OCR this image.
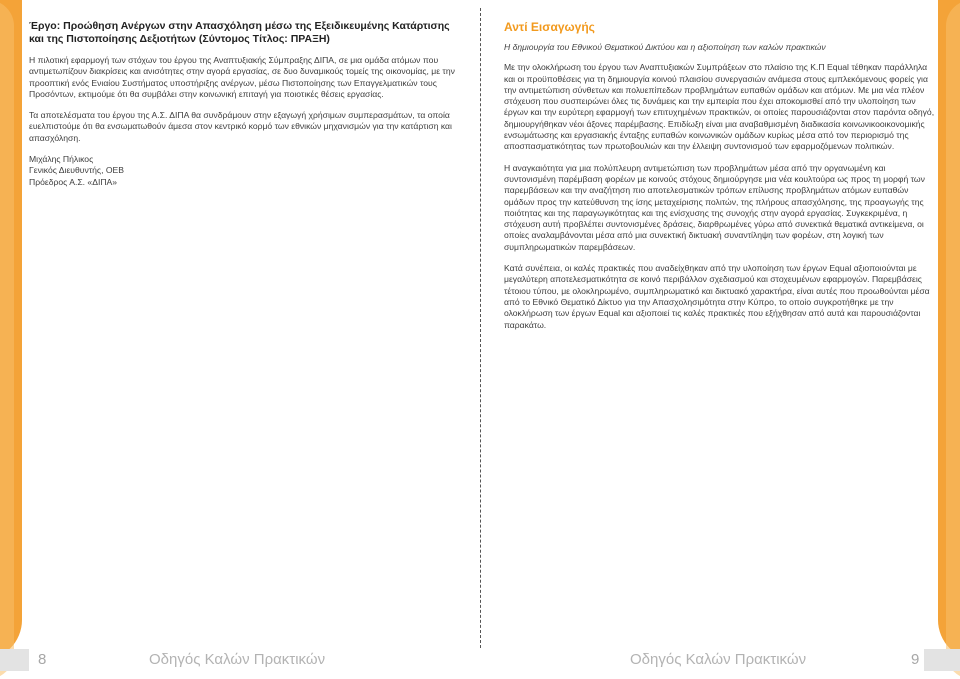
Έργο: Προώθηση Ανέργων στην Απασχόληση μέσω της Εξειδικευμένης Κατάρτισης και της Πιστοποίησης Δεξιοτήτων (Σύντομος Τίτλος: ΠΡΑΞΗ)

Η πιλοτική εφαρμογή των στόχων του έργου της Αναπτυξιακής Σύμπραξης ΔΙΠΑ, σε μια ομάδα ατόμων που αντιμετωπίζουν διακρίσεις και ανισότητες στην αγορά εργασίας, σε δυο δυναμικούς τομείς της οικονομίας, με την προοπτική ενός Ενιαίου Συστήματος υποστήριξης ανέργων, μέσω Πιστοποίησης των Επαγγελματικών τους Προσόντων, εκτιμούμε ότι θα συμβάλει στην κοινωνική επιταγή για ποιοτικές θέσεις εργασίας.

Τα αποτελέσματα του έργου της Α.Σ. ΔΙΠΑ θα συνδράμουν στην εξαγωγή χρήσιμων συμπερασμάτων, τα οποία ευελπιστούμε ότι θα ενσωματωθούν άμεσα στον κεντρικό κορμό των εθνικών μηχανισμών για την κατάρτιση και απασχόληση.

Μιχάλης Πήλικος
Γενικός Διευθυντής, ΟΕΒ
Πρόεδρος Α.Σ. «ΔΙΠΑ»
Αντί Εισαγωγής
Η δημιουργία του Εθνικού Θεματικού Δικτύου και η αξιοποίηση των καλών πρακτικών

Με την ολοκλήρωση του έργου των Αναπτυξιακών Συμπράξεων στο πλαίσιο της Κ.Π Equal τέθηκαν παράλληλα και οι προϋποθέσεις για τη δημιουργία κοινού πλαισίου συνεργασιών ανάμεσα στους εμπλεκόμενους φορείς για την αντιμετώπιση σύνθετων και πολυεπίπεδων προβλημάτων ευπαθών ομάδων και ατόμων. Με μια νέα πλέον στόχευση που συσπειρώνει όλες τις δυνάμεις και την εμπειρία που έχει αποκομισθεί από την υλοποίηση των έργων και την ευρύτερη εφαρμογή των επιτυχημένων πρακτικών, οι οποίες παρουσιάζονται στον παρόντα οδηγό, δημιουργήθηκαν νέοι άξονες παρέμβασης. Επιδίωξη είναι μια αναβαθμισμένη διαδικασία κοινωνικοοικονομικής ενσωμάτωσης και εργασιακής ένταξης ευπαθών κοινωνικών ομάδων κυρίως μέσα από τον περιορισμό της αποσπασματικότητας των πρωτοβουλιών και την έλλειψη συντονισμού των εφαρμοζόμενων πολιτικών.

Η αναγκαιότητα για μια πολύπλευρη αντιμετώπιση των προβλημάτων μέσα από την οργανωμένη και συντονισμένη παρέμβαση φορέων με κοινούς στόχους δημιούργησε μια νέα κουλτούρα ως προς τη μορφή των παρεμβάσεων και την αναζήτηση πιο αποτελεσματικών τρόπων επίλυσης προβλημάτων ατόμων ευπαθών ομάδων προς την κατεύθυνση της ίσης μεταχείρισης πολιτών, της πλήρους απασχόλησης, της προαγωγής της ποιότητας και της παραγωγικότητας και της ενίσχυσης της συνοχής στην αγορά εργασίας. Συγκεκριμένα, η στόχευση αυτή προβλέπει συντονισμένες δράσεις, διαρθρωμένες γύρω από συνεκτικά θεματικά αντικείμενα, οι οποίες αναλαμβάνονται μέσα από μια συνεκτική δικτυακή συναντίληψη των φορέων, στη λογική των συμπληρωματικών παρεμβάσεων.

Κατά συνέπεια, οι καλές πρακτικές που αναδείχθηκαν από την υλοποίηση των έργων Equal αξιοποιούνται με μεγαλύτερη αποτελεσματικότητα σε κοινό περιβάλλον σχεδιασμού και στοχευμένων εφαρμογών. Παρεμβάσεις τέτοιου τύπου, με ολοκληρωμένο, συμπληρωματικό και δικτυακό χαρακτήρα, είναι αυτές που προωθούνται μέσα από το Εθνικό Θεματικό Δίκτυο για την Απασχολησιμότητα στην Κύπρο, το οποίο συγκροτήθηκε με την ολοκλήρωση των έργων Equal και αξιοποιεί τις καλές πρακτικές που εξήχθησαν από αυτά και παρουσιάζονται παρακάτω.

8	Οδηγός Καλών Πρακτικών	Οδηγός Καλών Πρακτικών	9
